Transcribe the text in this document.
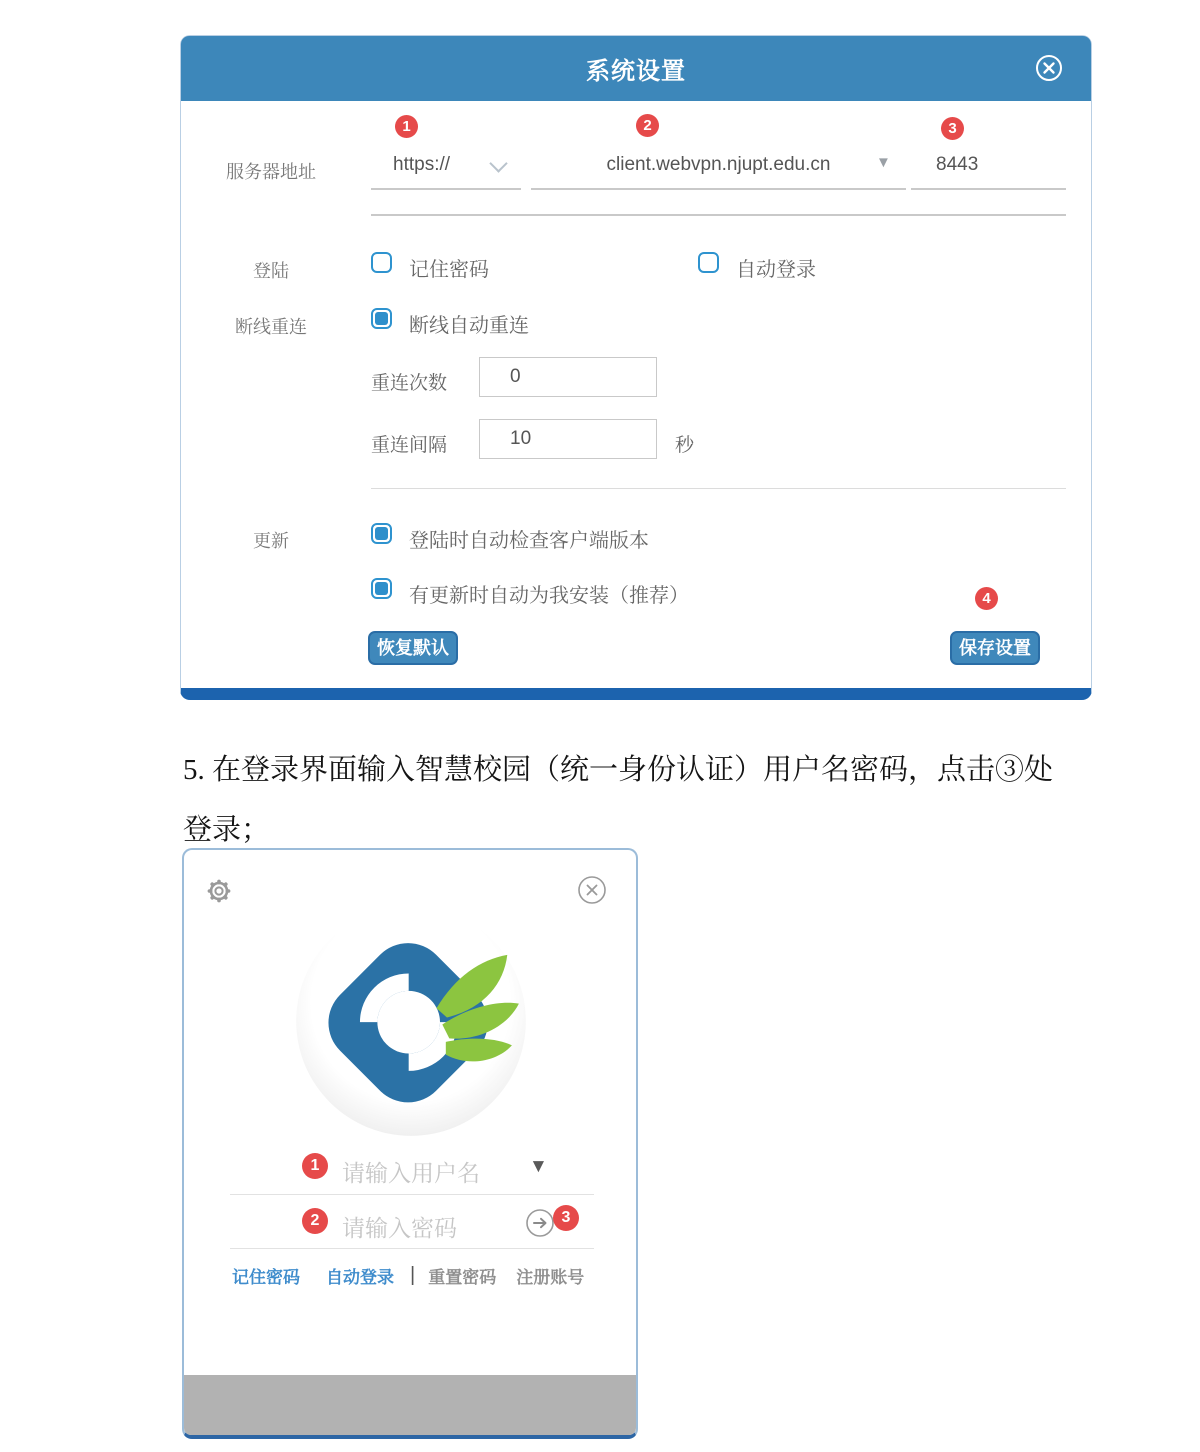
系统设置
1	2	3
服务器地址	https://	client.webvpn.njupt.edu.cn	▼	8443
登陆	记住密码	自动登录
断线重连	断线自动重连
重连次数	0
重连间隔	10	秒
更新	登陆时自动检查客户端版本
有更新时自动为我安装（推荐）	4
恢复默认	保存设置

5. 在登录界面输入智慧校园（统一身份认证）用户名密码，点击③处

登录；

1 请输入用户名	▼
2 请输入密码	3
记住密码 自动登录 | 重置密码 注册账号
